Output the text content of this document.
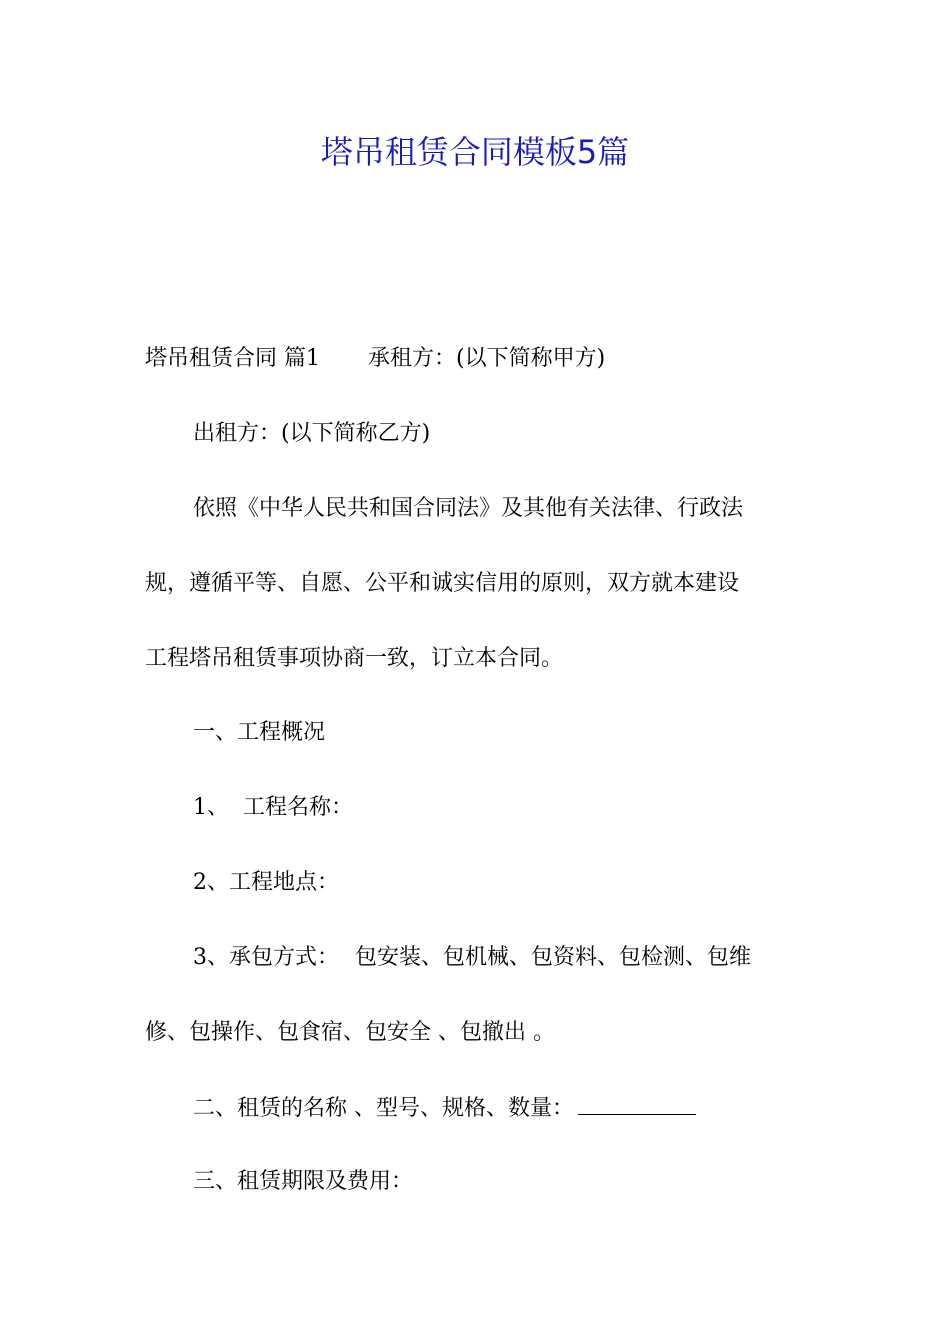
塔吊租赁合同模板5篇

塔吊租赁合同 篇1 承租方：(以下简称甲方)

出租方：(以下简称乙方)

依照《中华人民共和国合同法》及其他有关法律、行政法

规，遵循平等、自愿、公平和诚实信用的原则，双方就本建设

工程塔吊租赁事项协商一致，订立本合同。

一、工程概况

1、 工程名称：

2、工程地点：

3、承包方式： 包安装、包机械、包资料、包检测、包维

修、包操作、包食宿、包安全 、包撤出 。

二、租赁的名称 、型号、规格、数量：

三、租赁期限及费用：
